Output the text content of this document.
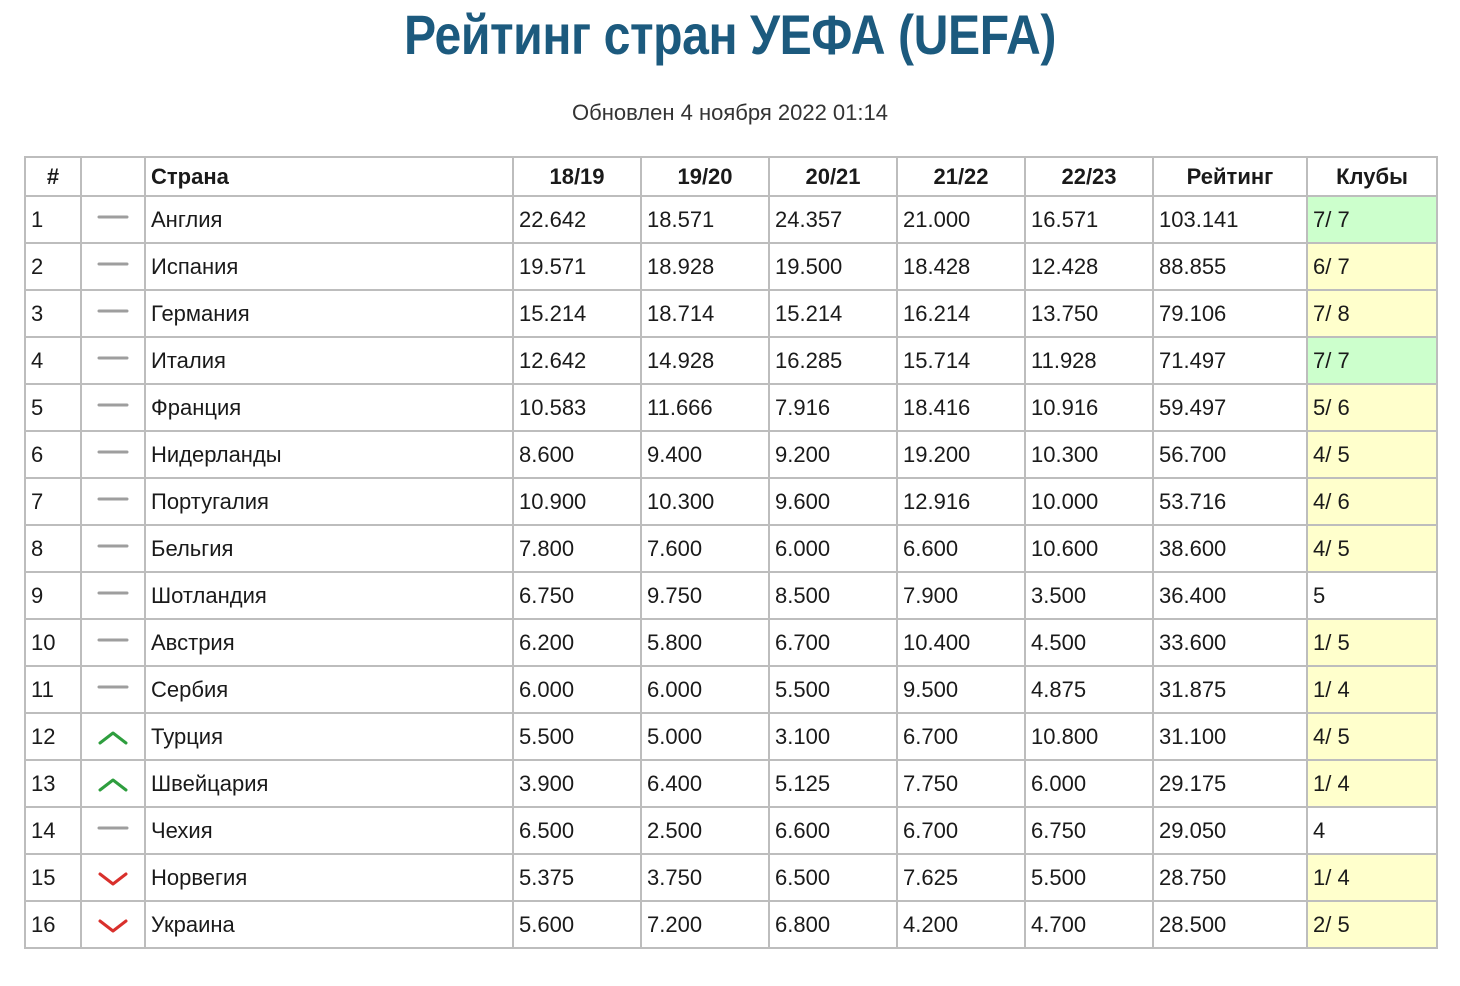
Рейтинг стран УЕФА (UEFA)
Обновлен 4 ноября 2022 01:14
#		Страна	18/19	19/20	20/21	21/22	22/23	Рейтинг	Клубы
1		Англия	22.642	18.571	24.357	21.000	16.571	103.141	7/ 7
2		Испания	19.571	18.928	19.500	18.428	12.428	88.855	6/ 7
3		Германия	15.214	18.714	15.214	16.214	13.750	79.106	7/ 8
4		Италия	12.642	14.928	16.285	15.714	11.928	71.497	7/ 7
5		Франция	10.583	11.666	7.916	18.416	10.916	59.497	5/ 6
6		Нидерланды	8.600	9.400	9.200	19.200	10.300	56.700	4/ 5
7		Португалия	10.900	10.300	9.600	12.916	10.000	53.716	4/ 6
8		Бельгия	7.800	7.600	6.000	6.600	10.600	38.600	4/ 5
9		Шотландия	6.750	9.750	8.500	7.900	3.500	36.400	5
10		Австрия	6.200	5.800	6.700	10.400	4.500	33.600	1/ 5
11		Сербия	6.000	6.000	5.500	9.500	4.875	31.875	1/ 4
12		Турция	5.500	5.000	3.100	6.700	10.800	31.100	4/ 5
13		Швейцария	3.900	6.400	5.125	7.750	6.000	29.175	1/ 4
14		Чехия	6.500	2.500	6.600	6.700	6.750	29.050	4
15		Норвегия	5.375	3.750	6.500	7.625	5.500	28.750	1/ 4
16		Украина	5.600	7.200	6.800	4.200	4.700	28.500	2/ 5
